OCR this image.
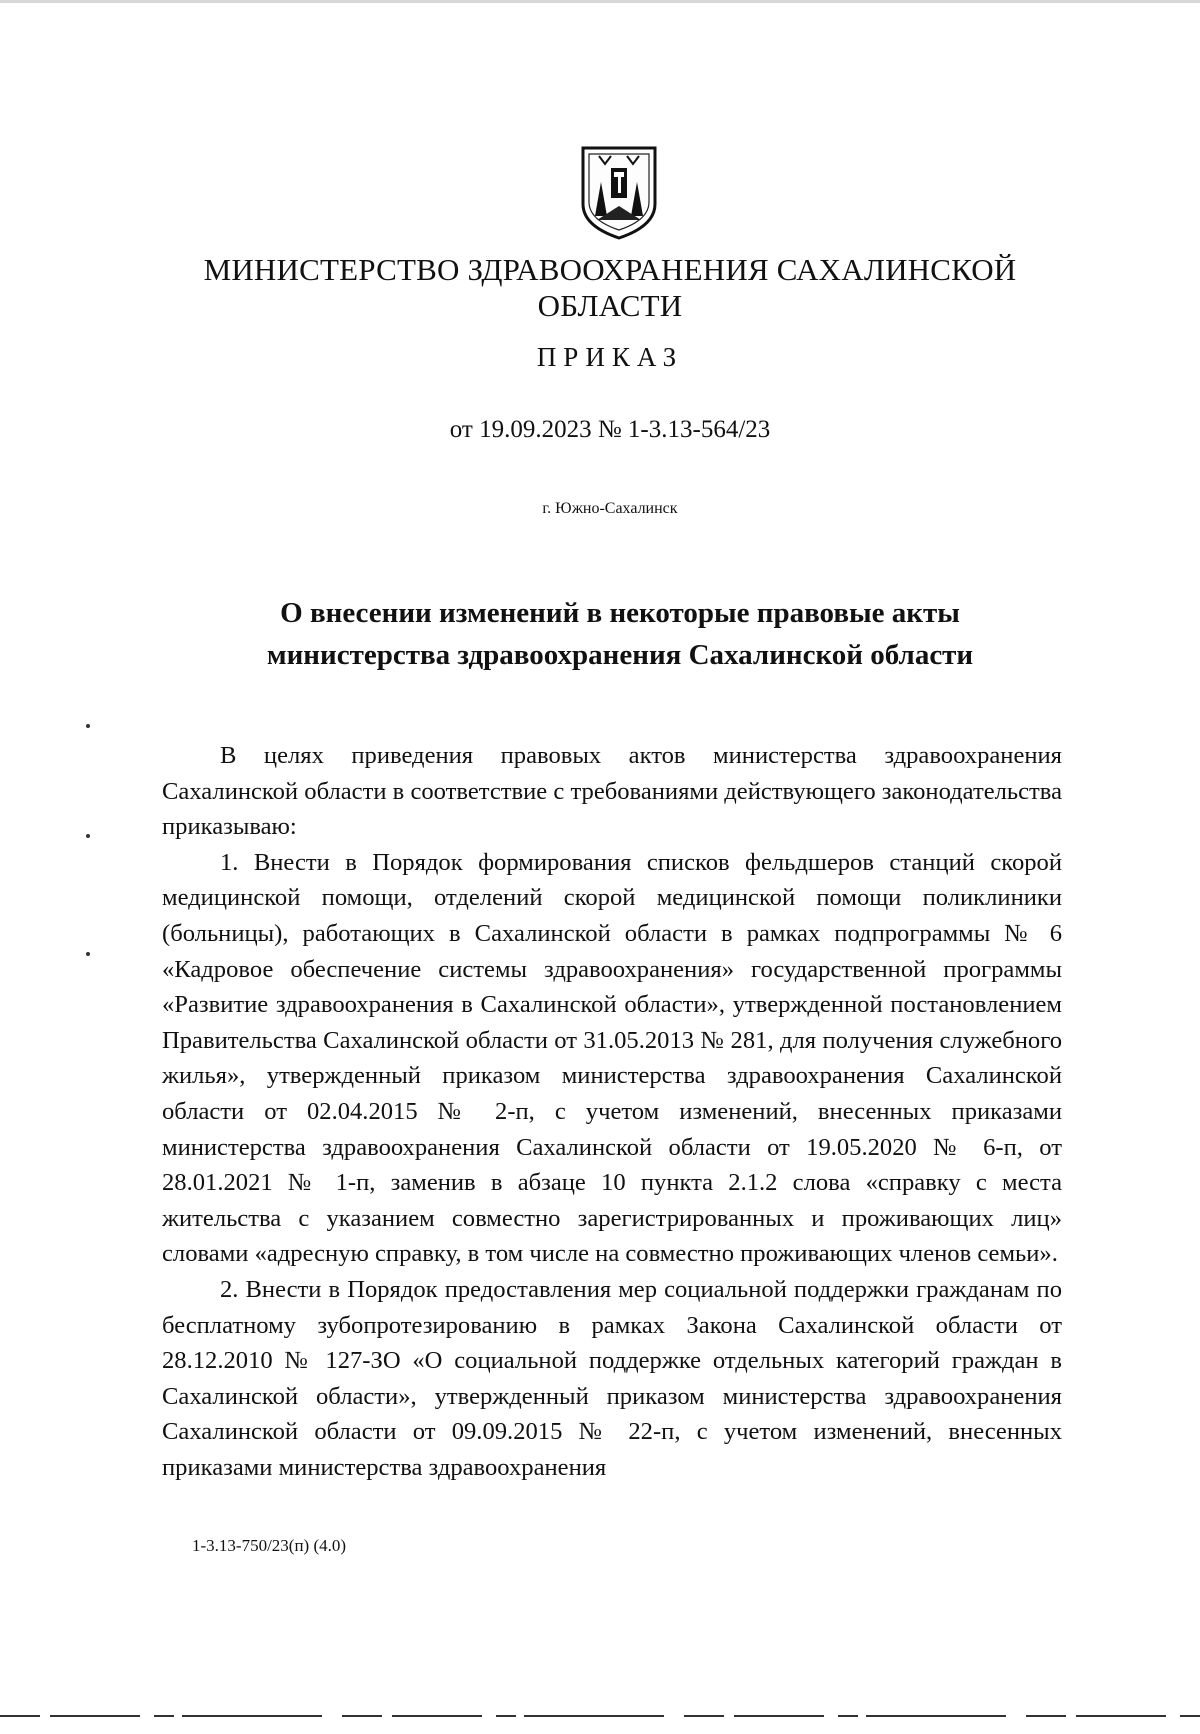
МИНИСТЕРСТВО ЗДРАВООХРАНЕНИЯ САХАЛИНСКОЙ
ОБЛАСТИ
ПРИКАЗ
от 19.09.2023 № 1-3.13-564/23
г. Южно-Сахалинск
О внесении изменений в некоторые правовые акты
министерства здравоохранения Сахалинской области

В целях приведения правовых актов министерства здравоохранения Сахалинской области в соответствие с требованиями действующего законодательства приказываю:

1. Внести в Порядок формирования списков фельдшеров станций скорой медицинской помощи, отделений скорой медицинской помощи поликлиники (больницы), работающих в Сахалинской области в рамках подпрограммы № 6 «Кадровое обеспечение системы здравоохранения» государственной программы «Развитие здравоохранения в Сахалинской области», утвержденной постановлением Правительства Сахалинской области от 31.05.2013 № 281, для получения служебного жилья», утвержденный приказом министерства здравоохранения Сахалинской области от 02.04.2015 № 2-п, с учетом изменений, внесенных приказами министерства здравоохранения Сахалинской области от 19.05.2020 № 6-п, от 28.01.2021 № 1-п, заменив в абзаце 10 пункта 2.1.2 слова «справку с места жительства с указанием совместно зарегистрированных и проживающих лиц» словами «адресную справку, в том числе на совместно проживающих членов семьи».

2. Внести в Порядок предоставления мер социальной поддержки гражданам по бесплатному зубопротезированию в рамках Закона Сахалинской области от 28.12.2010 № 127-ЗО «О социальной поддержке отдельных категорий граждан в Сахалинской области», утвержденный приказом министерства здравоохранения Сахалинской области от 09.09.2015 № 22-п, с учетом изменений, внесенных приказами министерства здравоохранения

1-3.13-750/23(п) (4.0)
